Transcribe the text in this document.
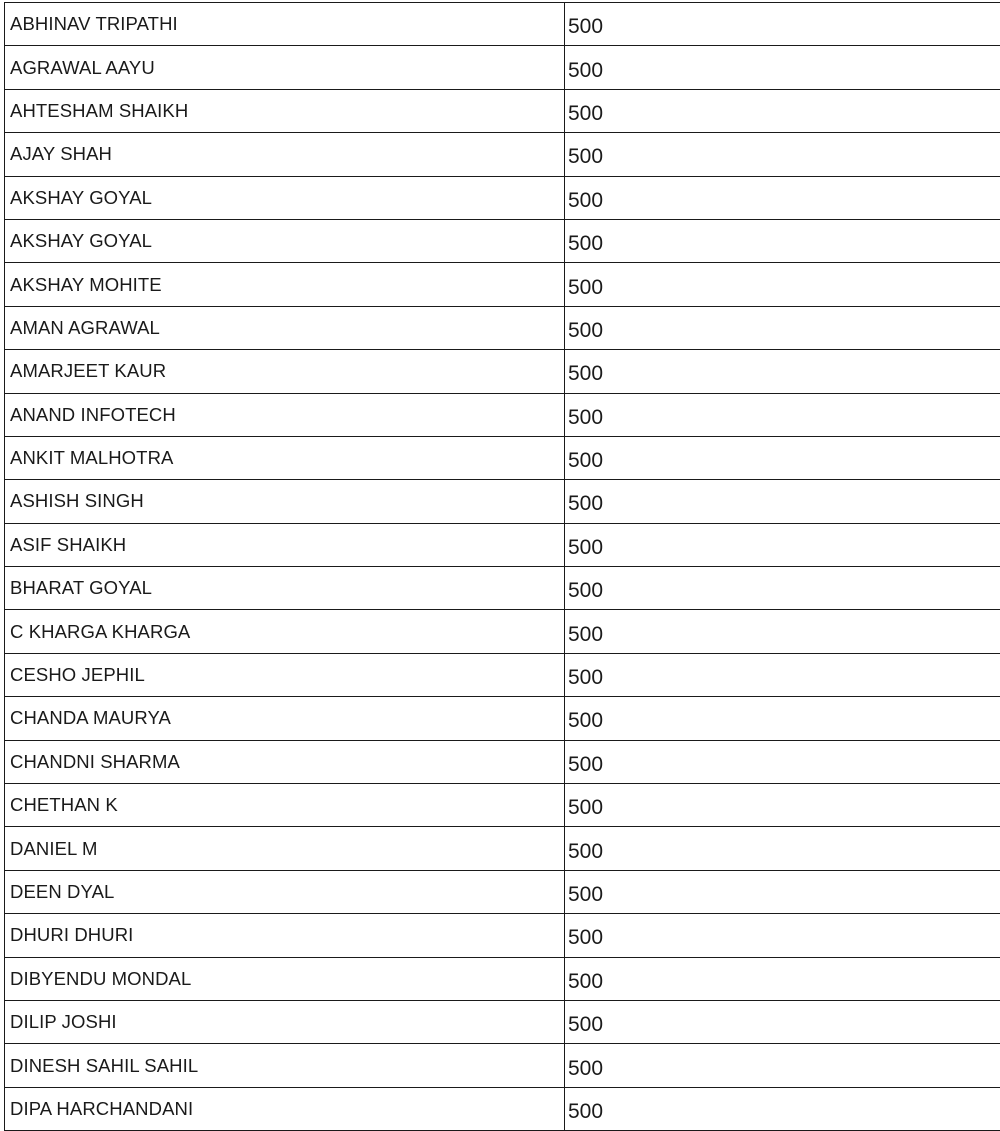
ABHINAV TRIPATHI	500
AGRAWAL AAYU	500
AHTESHAM SHAIKH	500
AJAY SHAH	500
AKSHAY GOYAL	500
AKSHAY GOYAL	500
AKSHAY MOHITE	500
AMAN AGRAWAL	500
AMARJEET KAUR	500
ANAND INFOTECH	500
ANKIT MALHOTRA	500
ASHISH SINGH	500
ASIF SHAIKH	500
BHARAT GOYAL	500
C KHARGA KHARGA	500
CESHO JEPHIL	500
CHANDA MAURYA	500
CHANDNI SHARMA	500
CHETHAN K	500
DANIEL M	500
DEEN DYAL	500
DHURI DHURI	500
DIBYENDU MONDAL	500
DILIP JOSHI	500
DINESH SAHIL SAHIL	500
DIPA HARCHANDANI	500
